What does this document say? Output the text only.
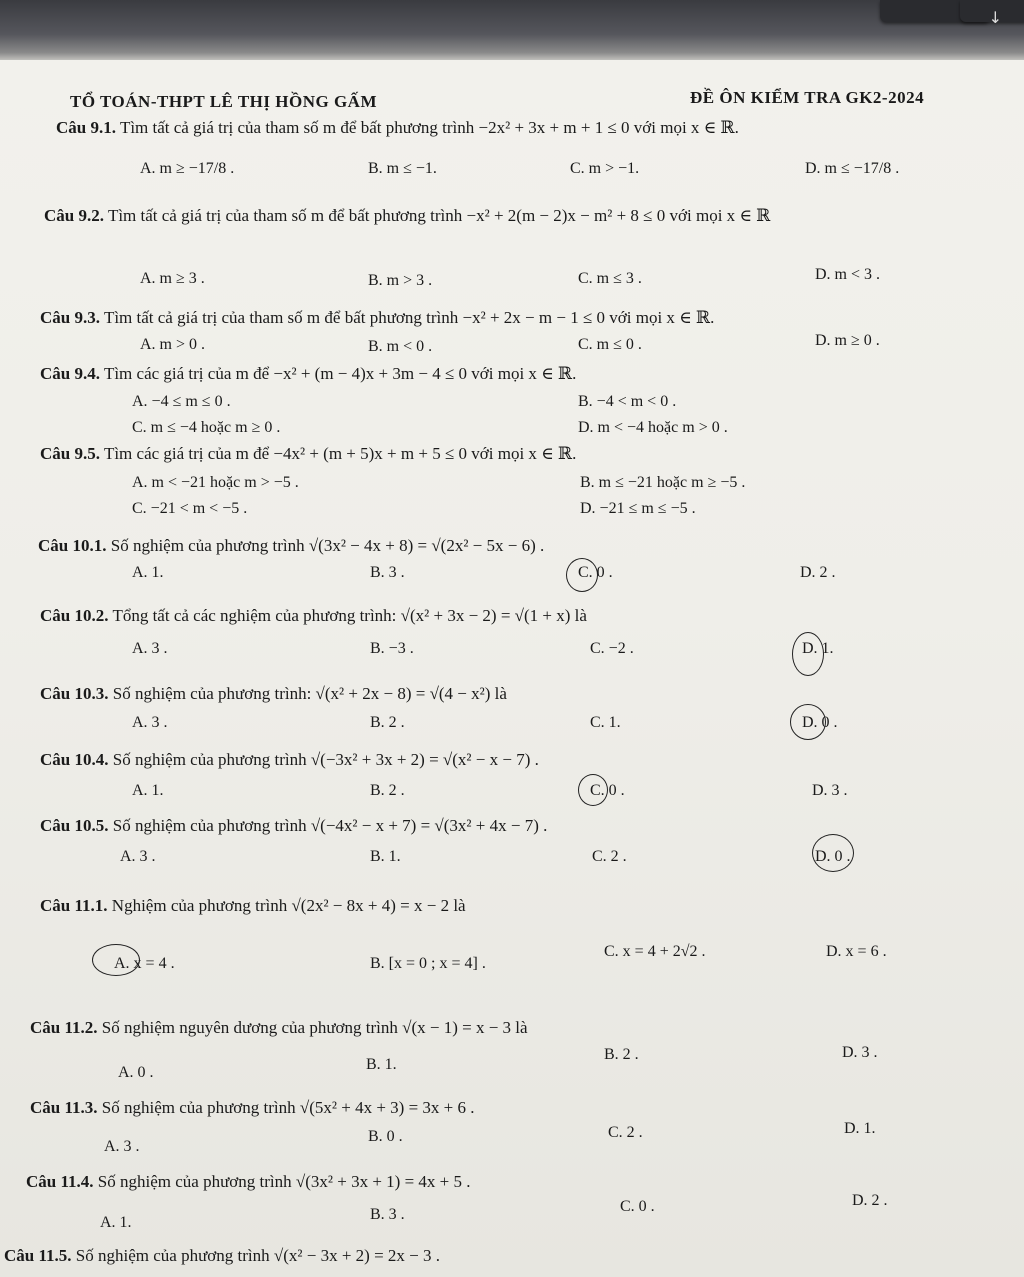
↓
TỔ TOÁN-THPT LÊ THỊ HỒNG GẤM	ĐỀ ÔN KIỂM TRA GK2-2024
Câu 9.1. Tìm tất cả giá trị của tham số m để bất phương trình −2x² + 3x + m + 1 ≤ 0 với mọi x ∈ ℝ.
A. m ≥ −17/8 .	B. m ≤ −1.	C. m > −1.	D. m ≤ −17/8 .
Câu 9.2. Tìm tất cả giá trị của tham số m để bất phương trình −x² + 2(m − 2)x − m² + 8 ≤ 0 với mọi x ∈ ℝ
A. m ≥ 3 .	B. m > 3 .	C. m ≤ 3 .	D. m < 3 .
Câu 9.3. Tìm tất cả giá trị của tham số m để bất phương trình −x² + 2x − m − 1 ≤ 0 với mọi x ∈ ℝ.
A. m > 0 .	B. m < 0 .	C. m ≤ 0 .	D. m ≥ 0 .
Câu 9.4. Tìm các giá trị của m để −x² + (m − 4)x + 3m − 4 ≤ 0 với mọi x ∈ ℝ.
A. −4 ≤ m ≤ 0 .	B. −4 < m < 0 .
C. m ≤ −4 hoặc m ≥ 0 .	D. m < −4 hoặc m > 0 .
Câu 9.5. Tìm các giá trị của m để −4x² + (m + 5)x + m + 5 ≤ 0 với mọi x ∈ ℝ.
A. m < −21 hoặc m > −5 .	B. m ≤ −21 hoặc m ≥ −5 .
C. −21 < m < −5 .	D. −21 ≤ m ≤ −5 .
Câu 10.1. Số nghiệm của phương trình √(3x² − 4x + 8) = √(2x² − 5x − 6) .
A. 1.	B. 3 .	C. 0 .	D. 2 .
Câu 10.2. Tổng tất cả các nghiệm của phương trình: √(x² + 3x − 2) = √(1 + x) là
A. 3 .	B. −3 .	C. −2 .	D. 1.
Câu 10.3. Số nghiệm của phương trình: √(x² + 2x − 8) = √(4 − x²) là
A. 3 .	B. 2 .	C. 1.	D. 0 .
Câu 10.4. Số nghiệm của phương trình √(−3x² + 3x + 2) = √(x² − x − 7) .
A. 1.	B. 2 .	C. 0 .	D. 3 .
Câu 10.5. Số nghiệm của phương trình √(−4x² − x + 7) = √(3x² + 4x − 7) .
A. 3 .	B. 1.	C. 2 .	D. 0 .
Câu 11.1. Nghiệm của phương trình √(2x² − 8x + 4) = x − 2 là
A. x = 4 .	B. [x = 0 ; x = 4] .
C. x = 4 + 2√2 .	D. x = 6 .
Câu 11.2. Số nghiệm nguyên dương của phương trình √(x − 1) = x − 3 là
A. 0 .	B. 1.
B. 2 .	D. 3 .
Câu 11.3. Số nghiệm của phương trình √(5x² + 4x + 3) = 3x + 6 .
A. 3 .
B. 0 .	C. 2 .	D. 1.
Câu 11.4. Số nghiệm của phương trình √(3x² + 3x + 1) = 4x + 5 .
A. 1.	B. 3 .	C. 0 .	D. 2 .
Câu 11.5. Số nghiệm của phương trình √(x² − 3x + 2) = 2x − 3 .
